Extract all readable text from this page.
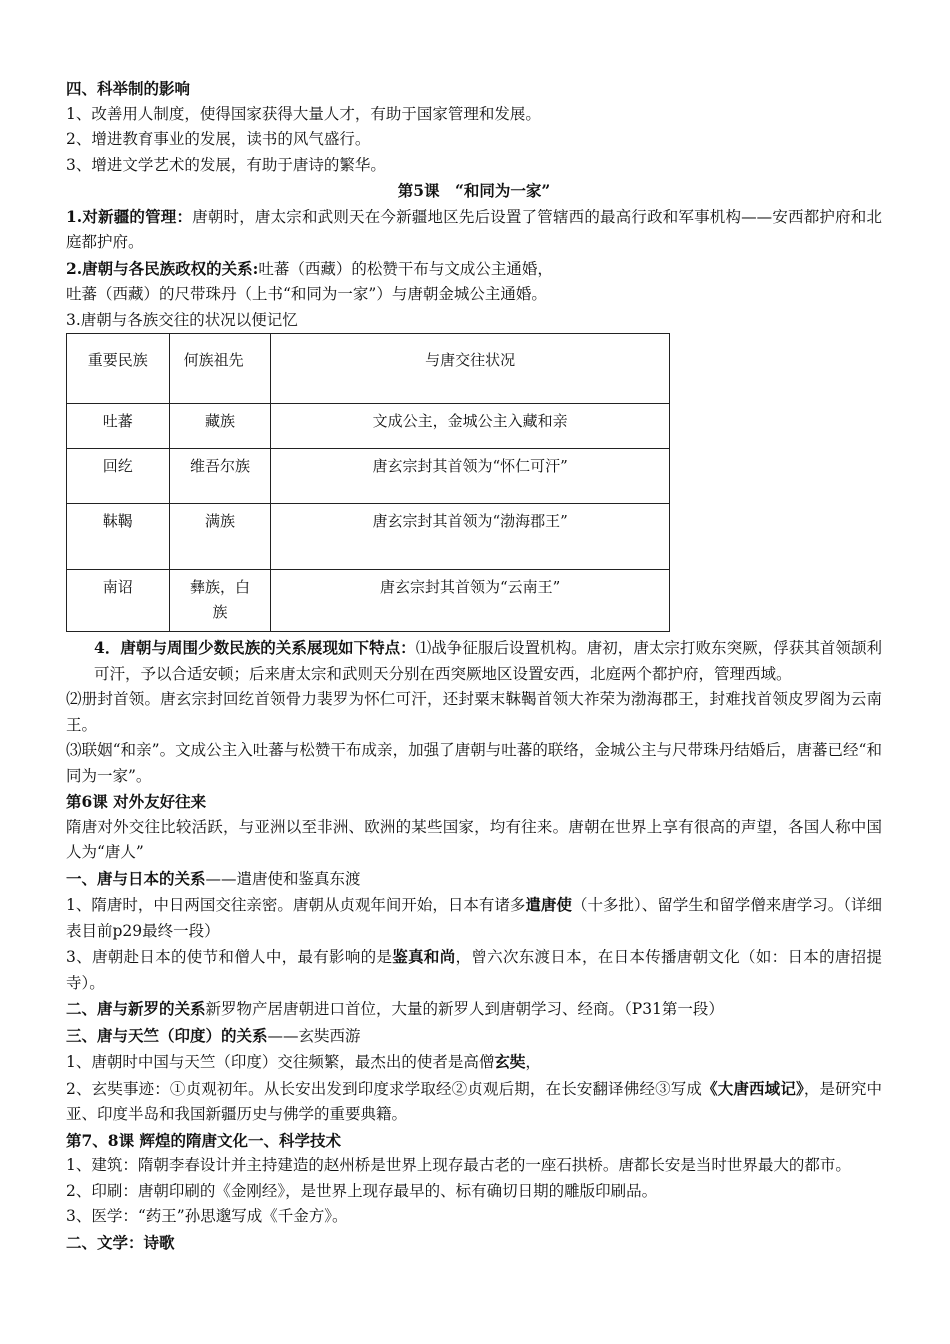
四、科举制的影响

1、改善用人制度，使得国家获得大量人才，有助于国家管理和发展。

2、增进教育事业的发展，读书的风气盛行。

3、增进文学艺术的发展，有助于唐诗的繁华。

第5课　“和同为一家”

1.对新疆的管理：唐朝时，唐太宗和武则天在今新疆地区先后设置了管辖西的最高行政和军事机构——安西都护府和北庭都护府。

2.唐朝与各民族政权的关系:吐蕃（西藏）的松赞干布与文成公主通婚，

吐蕃（西藏）的尺带珠丹（上书“和同为一家”）与唐朝金城公主通婚。

3.唐朝与各族交往的状况以便记忆

重要民族	何族祖先	与唐交往状况
吐蕃	藏族	文成公主，金城公主入藏和亲
回纥	维吾尔族	唐玄宗封其首领为“怀仁可汗”
靺鞨	满族	唐玄宗封其首领为“渤海郡王”
南诏	彝族，白族	唐玄宗封其首领为“云南王”

4．唐朝与周围少数民族的关系展现如下特点：⑴战争征服后设置机构。唐初，唐太宗打败东突厥，俘获其首领颉利可汗，予以合适安顿；后来唐太宗和武则天分别在西突厥地区设置安西，北庭两个都护府，管理西域。

⑵册封首领。唐玄宗封回纥首领骨力裴罗为怀仁可汗，还封粟末靺鞨首领大祚荣为渤海郡王，封难找首领皮罗阁为云南王。

⑶联姻“和亲”。文成公主入吐蕃与松赞干布成亲，加强了唐朝与吐蕃的联络，金城公主与尺带珠丹结婚后，唐蕃已经“和同为一家”。

第6课 对外友好往来

隋唐对外交往比较活跃，与亚洲以至非洲、欧洲的某些国家，均有往来。唐朝在世界上享有很高的声望，各国人称中国人为“唐人”

一、唐与日本的关系——遣唐使和鉴真东渡

1、隋唐时，中日两国交往亲密。唐朝从贞观年间开始，日本有诸多遣唐使（十多批）、留学生和留学僧来唐学习。（详细表目前p29最终一段）

3、唐朝赴日本的使节和僧人中，最有影响的是鉴真和尚，曾六次东渡日本，在日本传播唐朝文化（如：日本的唐招提寺）。

二、唐与新罗的关系新罗物产居唐朝进口首位，大量的新罗人到唐朝学习、经商。（P31第一段）

三、唐与天竺（印度）的关系——玄奘西游

1、唐朝时中国与天竺（印度）交往频繁，最杰出的使者是高僧玄奘，

2、玄奘事迹：①贞观初年。从长安出发到印度求学取经②贞观后期，在长安翻译佛经③写成《大唐西域记》，是研究中亚、印度半岛和我国新疆历史与佛学的重要典籍。

第7、8课 辉煌的隋唐文化一、科学技术

1、建筑：隋朝李春设计并主持建造的赵州桥是世界上现存最古老的一座石拱桥。唐都长安是当时世界最大的都市。

2、印刷：唐朝印刷的《金刚经》，是世界上现存最早的、标有确切日期的雕版印刷品。

3、医学：“药王”孙思邈写成《千金方》。

二、文学：诗歌
